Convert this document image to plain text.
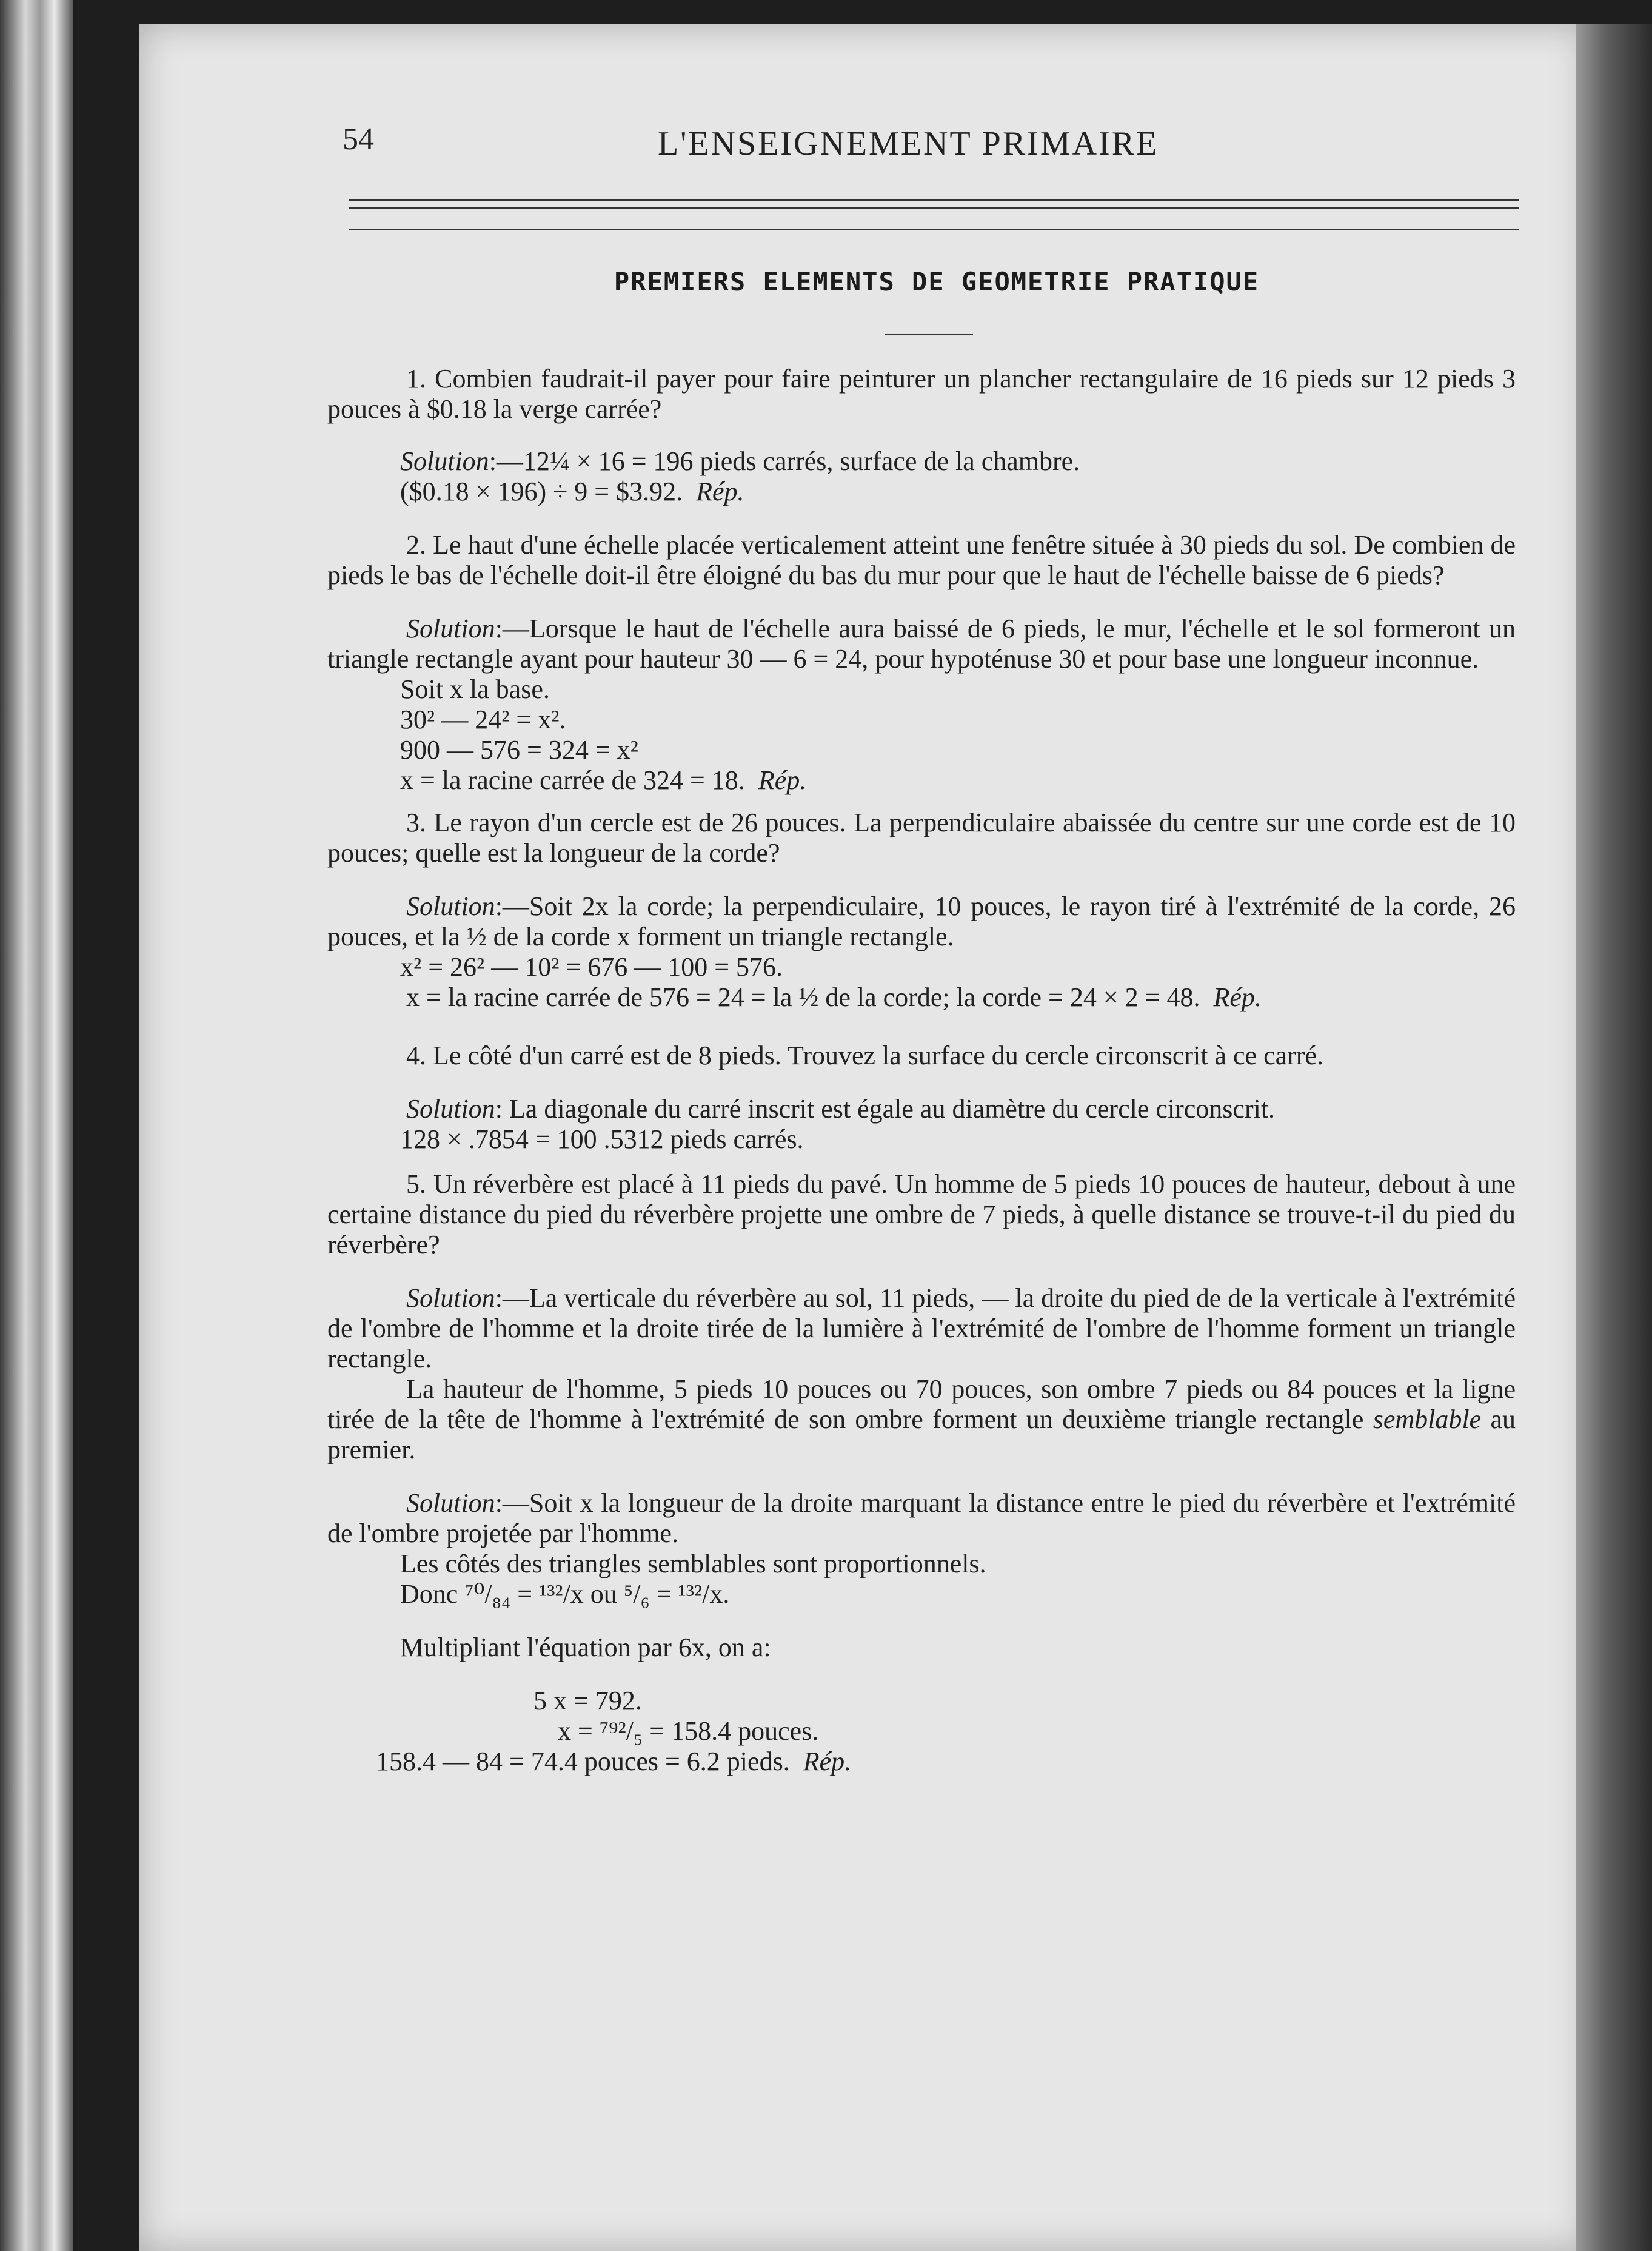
54	L'ENSEIGNEMENT PRIMAIRE
PREMIERS ELEMENTS DE GEOMETRIE PRATIQUE

1. Combien faudrait-il payer pour faire peinturer un plancher rectangulaire de 16 pieds sur 12 pieds 3 pouces à $0.18 la verge carrée?

Solution:—12¼ × 16 = 196 pieds carrés, surface de la chambre.

($0.18 × 196) ÷ 9 = $3.92. Rép.

2. Le haut d'une échelle placée verticalement atteint une fenêtre située à 30 pieds du sol. De combien de pieds le bas de l'échelle doit-il être éloigné du bas du mur pour que le haut de l'échelle baisse de 6 pieds?

Solution:—Lorsque le haut de l'échelle aura baissé de 6 pieds, le mur, l'échelle et le sol formeront un triangle rectangle ayant pour hauteur 30 — 6 = 24, pour hypoténuse 30 et pour base une longueur inconnue.

Soit x la base.

30² — 24² = x².

900 — 576 = 324 = x²

x = la racine carrée de 324 = 18. Rép.

3. Le rayon d'un cercle est de 26 pouces. La perpendiculaire abaissée du centre sur une corde est de 10 pouces; quelle est la longueur de la corde?

Solution:—Soit 2x la corde; la perpendiculaire, 10 pouces, le rayon tiré à l'extrémité de la corde, 26 pouces, et la ½ de la corde x forment un triangle rectangle.

x² = 26² — 10² = 676 — 100 = 576.

x = la racine carrée de 576 = 24 = la ½ de la corde; la corde = 24 × 2 = 48. Rép.

4. Le côté d'un carré est de 8 pieds. Trouvez la surface du cercle circonscrit à ce carré.

Solution: La diagonale du carré inscrit est égale au diamètre du cercle circonscrit.

128 × .7854 = 100 .5312 pieds carrés.

5. Un réverbère est placé à 11 pieds du pavé. Un homme de 5 pieds 10 pouces de hauteur, debout à une certaine distance du pied du réverbère projette une ombre de 7 pieds, à quelle distance se trouve-t-il du pied du réverbère?

Solution:—La verticale du réverbère au sol, 11 pieds, — la droite du pied de de la verticale à l'extrémité de l'ombre de l'homme et la droite tirée de la lumière à l'extrémité de l'ombre de l'homme forment un triangle rectangle.

La hauteur de l'homme, 5 pieds 10 pouces ou 70 pouces, son ombre 7 pieds ou 84 pouces et la ligne tirée de la tête de l'homme à l'extrémité de son ombre forment un deuxième triangle rectangle semblable au premier.

Solution:—Soit x la longueur de la droite marquant la distance entre le pied du réverbère et l'extrémité de l'ombre projetée par l'homme.

Les côtés des triangles semblables sont proportionnels.

Donc ⁷⁰/₈₄ = ¹³²/x ou ⁵/₆ = ¹³²/x.

Multipliant l'équation par 6x, on a:

5 x = 792.

x = ⁷⁹²/₅ = 158.4 pouces.

158.4 — 84 = 74.4 pouces = 6.2 pieds. Rép.
